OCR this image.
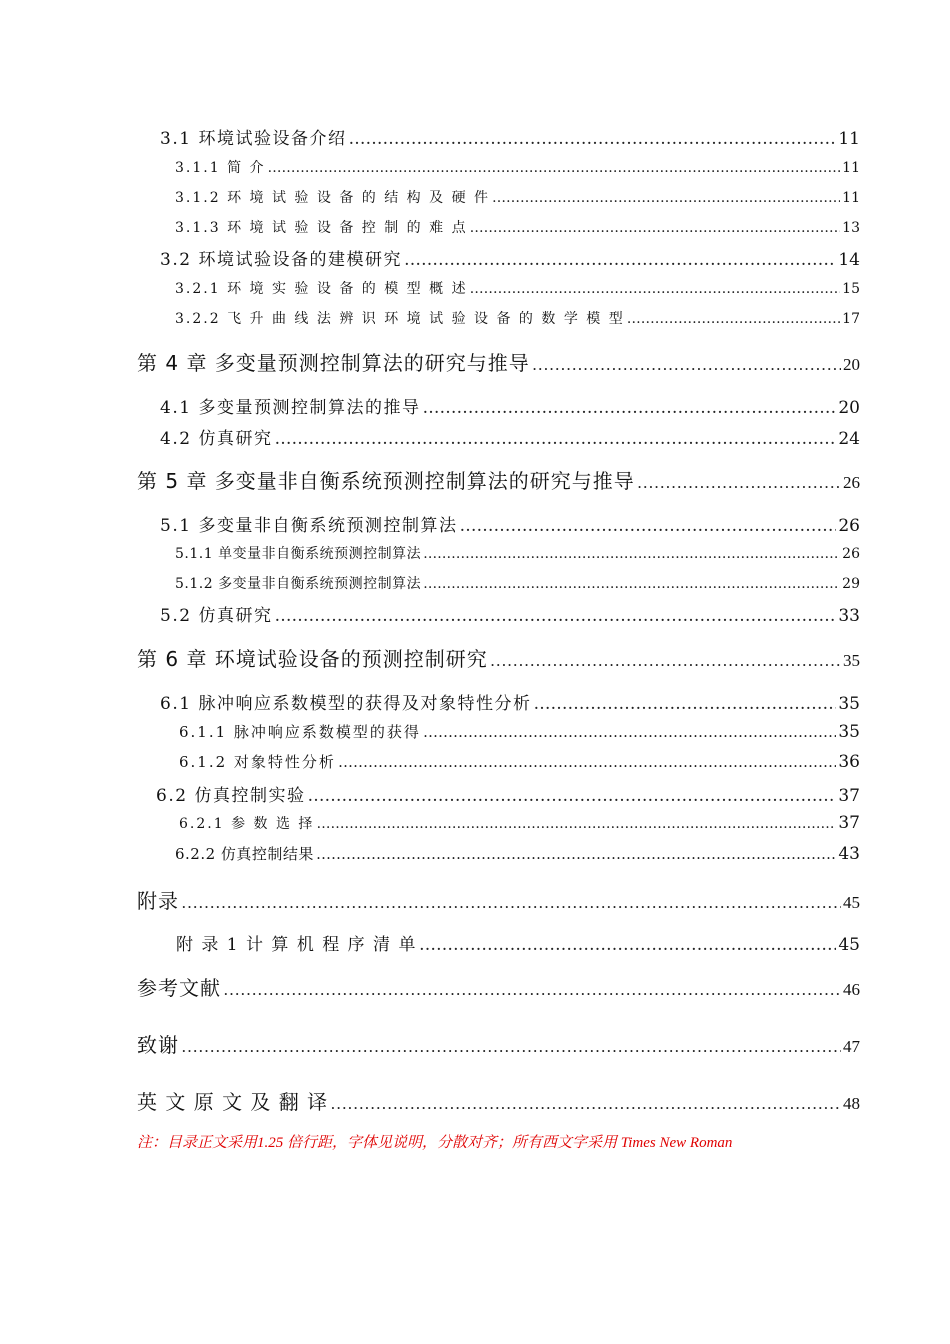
3.1 环境试验设备介绍 ……………………………………………………………………………………………………………………………………………………………………………………………………………………………………………………	11
3.1.1 简 介 ……………………………………………………………………………………………………………………………………………………………………………………………………………………………………………………	11
3.1.2 环 境 试 验 设 备 的 结 构 及 硬 件 ……………………………………………………………………………………………………………………………………………………………………………………………………………………………………………………	11
3.1.3 环 境 试 验 设 备 控 制 的 难 点 ……………………………………………………………………………………………………………………………………………………………………………………………………………………………………………………	13
3.2 环境试验设备的建模研究 ……………………………………………………………………………………………………………………………………………………………………………………………………………………………………………………	14
3.2.1 环 境 实 验 设 备 的 模 型 概 述 ……………………………………………………………………………………………………………………………………………………………………………………………………………………………………………………	15
3.2.2 飞 升 曲 线 法 辨 识 环 境 试 验 设 备 的 数 学 模 型 ……………………………………………………………………………………………………………………………………………………………………………………………………………………………………………………	17
第 4 章 多变量预测控制算法的研究与推导 ……………………………………………………………………………………………………………………………………………………………………………………………………………………………………………………	20
4.1 多变量预测控制算法的推导 ……………………………………………………………………………………………………………………………………………………………………………………………………………………………………………………	20
4.2 仿真研究 ……………………………………………………………………………………………………………………………………………………………………………………………………………………………………………………	24
第 5 章 多变量非自衡系统预测控制算法的研究与推导 ……………………………………………………………………………………………………………………………………………………………………………………………………………………………………………………	26
5.1 多变量非自衡系统预测控制算法 ……………………………………………………………………………………………………………………………………………………………………………………………………………………………………………………	26
5.1.1 单变量非自衡系统预测控制算法 ……………………………………………………………………………………………………………………………………………………………………………………………………………………………………………………	26
5.1.2 多变量非自衡系统预测控制算法 ……………………………………………………………………………………………………………………………………………………………………………………………………………………………………………………	29
5.2 仿真研究 ……………………………………………………………………………………………………………………………………………………………………………………………………………………………………………………	33
第 6 章 环境试验设备的预测控制研究 ……………………………………………………………………………………………………………………………………………………………………………………………………………………………………………………	35
6.1 脉冲响应系数模型的获得及对象特性分析 ……………………………………………………………………………………………………………………………………………………………………………………………………………………………………………………	35
6.1.1 脉冲响应系数模型的获得 ……………………………………………………………………………………………………………………………………………………………………………………………………………………………………………………	35
6.1.2 对象特性分析 ……………………………………………………………………………………………………………………………………………………………………………………………………………………………………………………	36
6.2 仿真控制实验 ……………………………………………………………………………………………………………………………………………………………………………………………………………………………………………………	37
6.2.1 参 数 选 择 ……………………………………………………………………………………………………………………………………………………………………………………………………………………………………………………	37
6.2.2 仿真控制结果 ……………………………………………………………………………………………………………………………………………………………………………………………………………………………………………………	43
附录 ……………………………………………………………………………………………………………………………………………………………………………………………………………………………………………………	45
附 录 1 计 算 机 程 序 清 单 ……………………………………………………………………………………………………………………………………………………………………………………………………………………………………………………	45
参考文献 ……………………………………………………………………………………………………………………………………………………………………………………………………………………………………………………	46
致谢 ……………………………………………………………………………………………………………………………………………………………………………………………………………………………………………………	47
英 文 原 文 及 翻 译 ……………………………………………………………………………………………………………………………………………………………………………………………………………………………………………………	48
注：目录正文采用1.25 倍行距，字体见说明，分散对齐；所有西文字采用 Times New Roman
